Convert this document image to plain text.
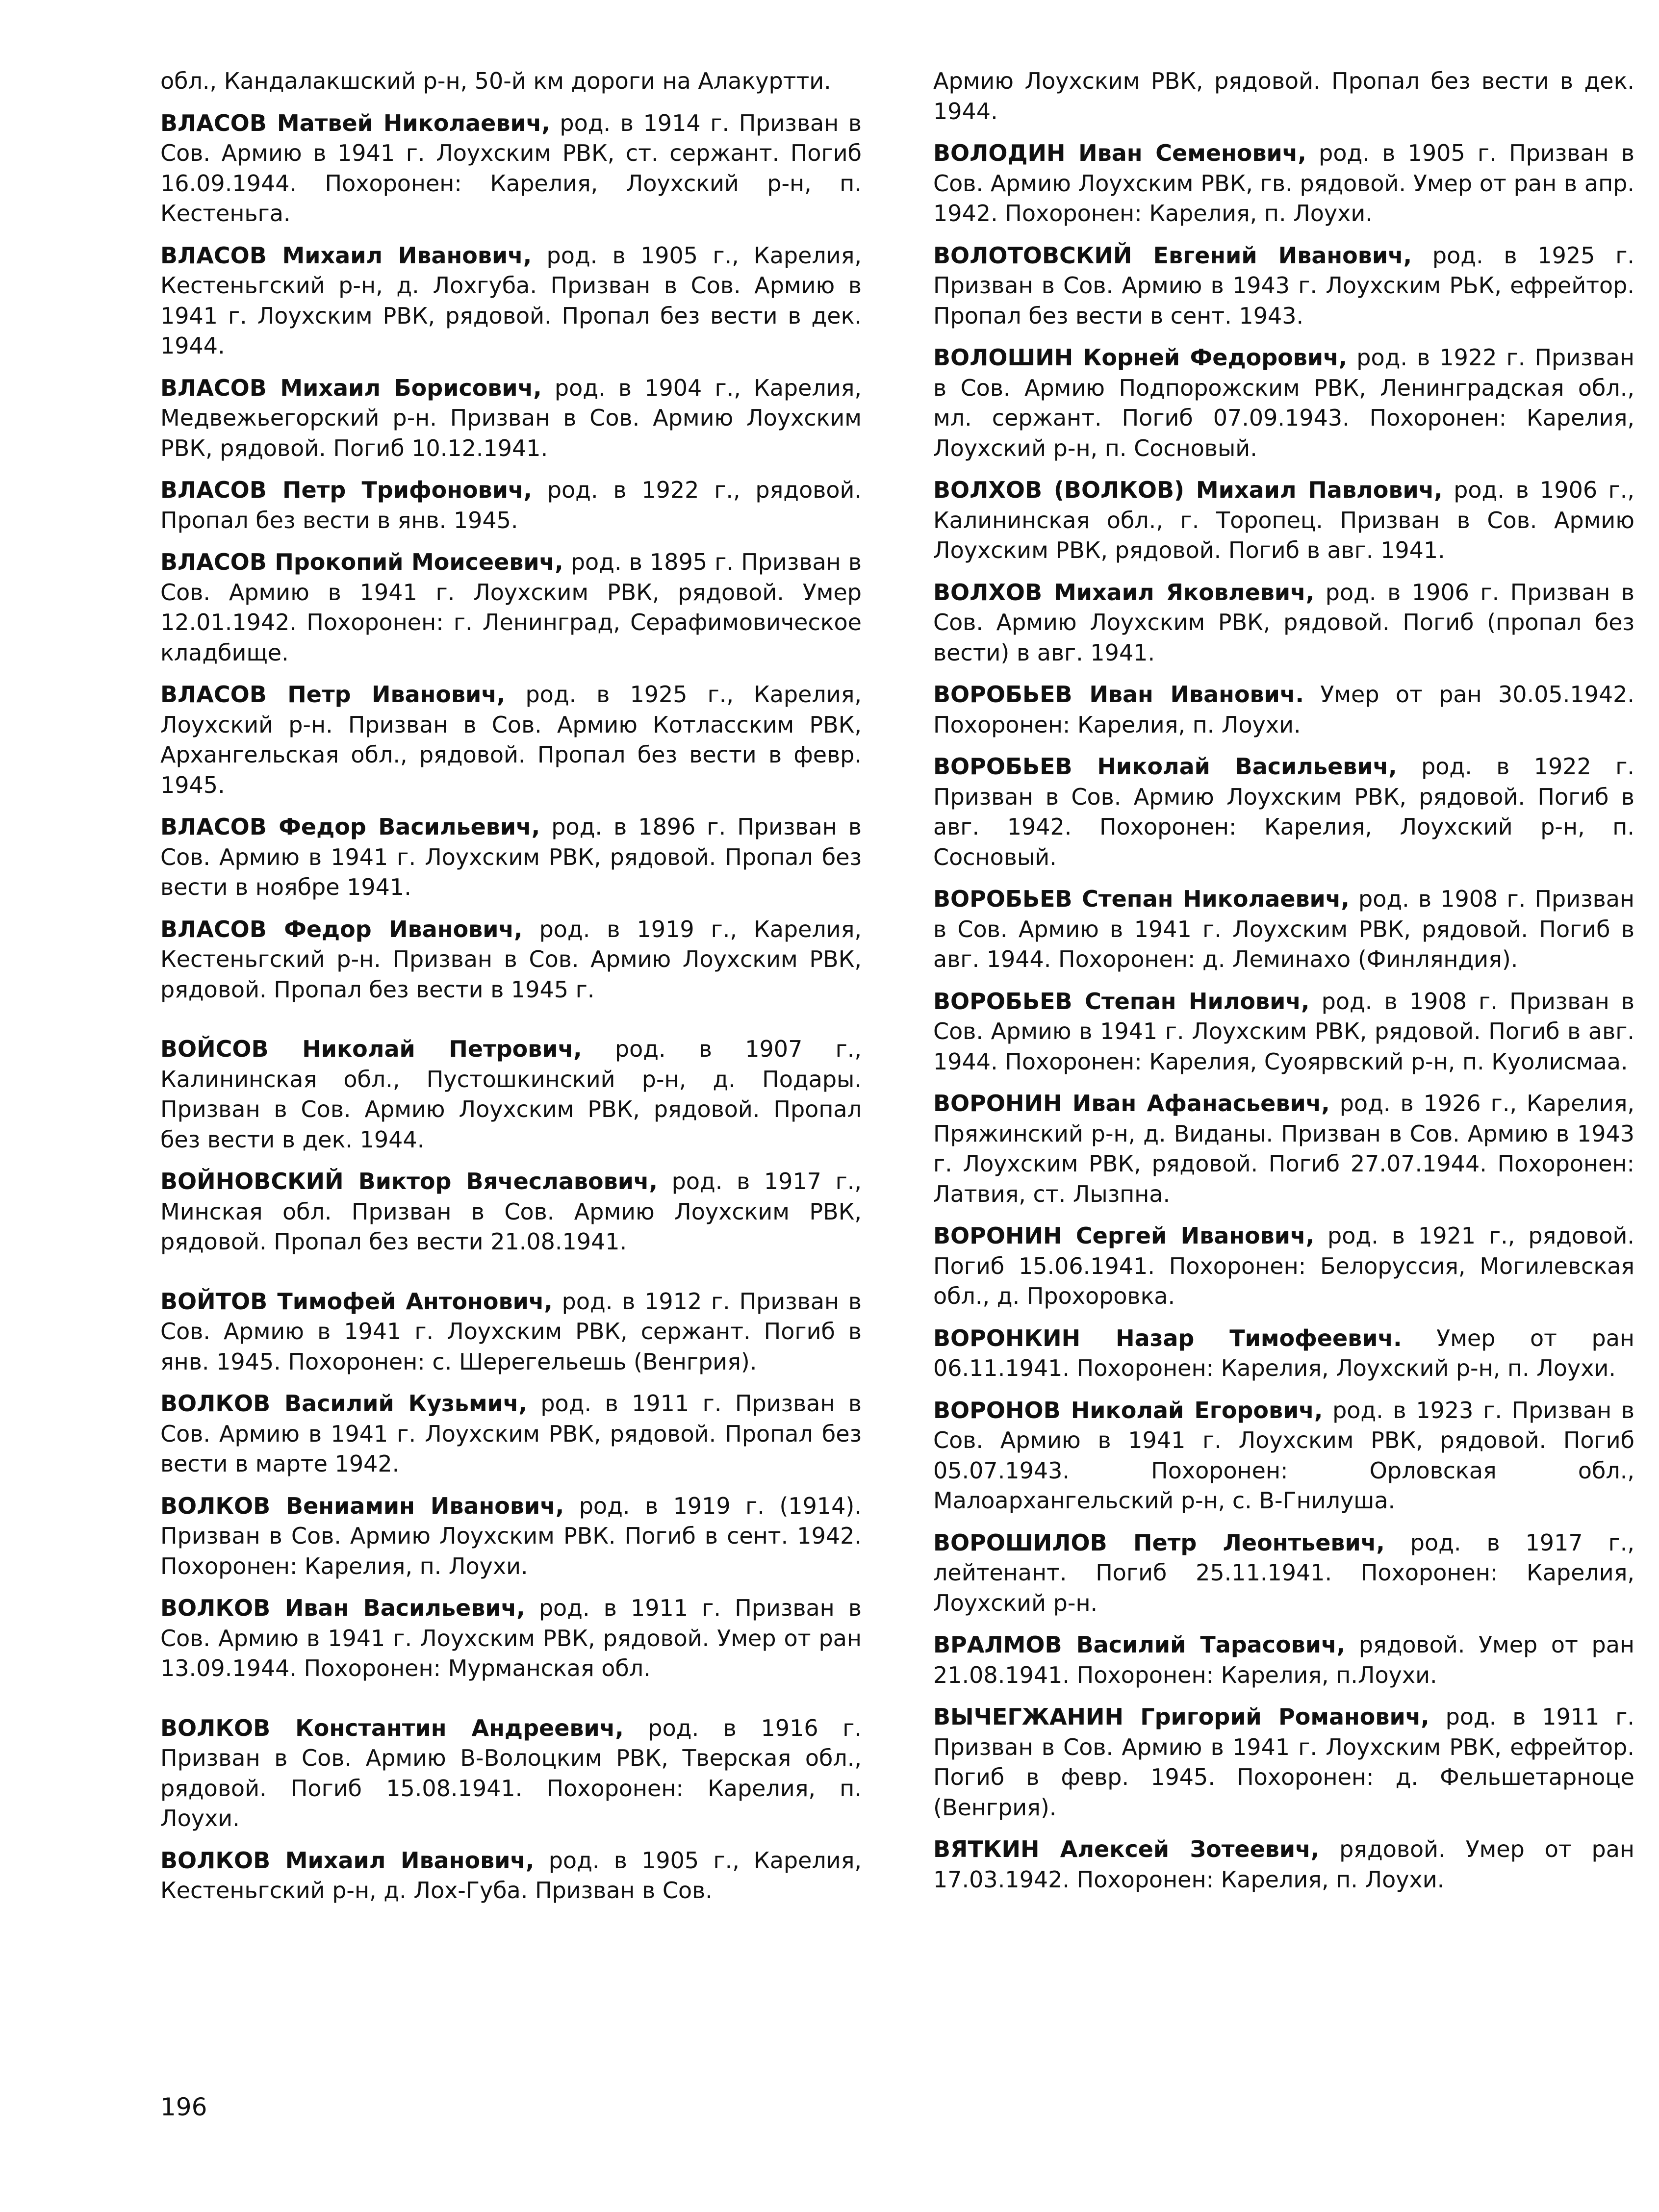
обл., Кандалакшский р-н, 50-й км дороги на Алакуртти.

ВЛАСОВ Матвей Николаевич, род. в 1914 г. Призван в Сов. Армию в 1941 г. Лоухским РВК, ст. сержант. Погиб 16.09.1944. Похоронен: Карелия, Лоухский р-н, п. Кестеньга.

ВЛАСОВ Михаил Иванович, род. в 1905 г., Карелия, Кестеньгский р-н, д. Лохгуба. Призван в Сов. Армию в 1941 г. Лоухским РВК, рядовой. Пропал без вести в дек. 1944.

ВЛАСОВ Михаил Борисович, род. в 1904 г., Карелия, Медвежьегорский р-н. Призван в Сов. Армию Лоухским РВК, рядовой. Погиб 10.12.1941.

ВЛАСОВ Петр Трифонович, род. в 1922 г., рядовой. Пропал без вести в янв. 1945.

ВЛАСОВ Прокопий Моисеевич, род. в 1895 г. Призван в Сов. Армию в 1941 г. Лоухским РВК, рядовой. Умер 12.01.1942. Похоронен: г. Ленинград, Серафимовическое кладбище.

ВЛАСОВ Петр Иванович, род. в 1925 г., Карелия, Лоухский р-н. Призван в Сов. Армию Котласским РВК, Архангельская обл., рядовой. Пропал без вести в февр. 1945.

ВЛАСОВ Федор Васильевич, род. в 1896 г. Призван в Сов. Армию в 1941 г. Лоухским РВК, рядовой. Пропал без вести в ноябре 1941.

ВЛАСОВ Федор Иванович, род. в 1919 г., Карелия, Кестеньгский р-н. Призван в Сов. Армию Лоухским РВК, рядовой. Пропал без вести в 1945 г.

ВОЙСОВ Николай Петрович, род. в 1907 г., Калининская обл., Пустошкинский р-н, д. Подары. Призван в Сов. Армию Лоухским РВК, рядовой. Пропал без вести в дек. 1944.

ВОЙНОВСКИЙ Виктор Вячеславович, род. в 1917 г., Минская обл. Призван в Сов. Армию Лоухским РВК, рядовой. Пропал без вести 21.08.1941.

ВОЙТОВ Тимофей Антонович, род. в 1912 г. Призван в Сов. Армию в 1941 г. Лоухским РВК, сержант. Погиб в янв. 1945. Похоронен: с. Шерегельешь (Венгрия).

ВОЛКОВ Василий Кузьмич, род. в 1911 г. Призван в Сов. Армию в 1941 г. Лоухским РВК, рядовой. Пропал без вести в марте 1942.

ВОЛКОВ Вениамин Иванович, род. в 1919 г. (1914). Призван в Сов. Армию Лоухским РВК. Погиб в сент. 1942. Похоронен: Карелия, п. Лоухи.

ВОЛКОВ Иван Васильевич, род. в 1911 г. Призван в Сов. Армию в 1941 г. Лоухским РВК, рядовой. Умер от ран 13.09.1944. Похоронен: Мурманская обл.

ВОЛКОВ Константин Андреевич, род. в 1916 г. Призван в Сов. Армию В-Волоцким РВК, Тверская обл., рядовой. Погиб 15.08.1941. Похоронен: Карелия, п. Лоухи.

ВОЛКОВ Михаил Иванович, род. в 1905 г., Карелия, Кестеньгский р-н, д. Лох-Губа. Призван в Сов.

Армию Лоухским РВК, рядовой. Пропал без вести в дек. 1944.

ВОЛОДИН Иван Семенович, род. в 1905 г. Призван в Сов. Армию Лоухским РВК, гв. рядовой. Умер от ран в апр. 1942. Похоронен: Карелия, п. Лоухи.

ВОЛОТОВСКИЙ Евгений Иванович, род. в 1925 г. Призван в Сов. Армию в 1943 г. Лоухским РЬК, ефрейтор. Пропал без вести в сент. 1943.

ВОЛОШИН Корней Федорович, род. в 1922 г. Призван в Сов. Армию Подпорожским РВК, Ленинградская обл., мл. сержант. Погиб 07.09.1943. Похоронен: Карелия, Лоухский р-н, п. Сосновый.

ВОЛХОВ (ВОЛКОВ) Михаил Павлович, род. в 1906 г., Калининская обл., г. Торопец. Призван в Сов. Армию Лоухским РВК, рядовой. Погиб в авг. 1941.

ВОЛХОВ Михаил Яковлевич, род. в 1906 г. Призван в Сов. Армию Лоухским РВК, рядовой. Погиб (пропал без вести) в авг. 1941.

ВОРОБЬЕВ Иван Иванович. Умер от ран 30.05.1942. Похоронен: Карелия, п. Лоухи.

ВОРОБЬЕВ Николай Васильевич, род. в 1922 г. Призван в Сов. Армию Лоухским РВК, рядовой. Погиб в авг. 1942. Похоронен: Карелия, Лоухский р-н, п. Сосновый.

ВОРОБЬЕВ Степан Николаевич, род. в 1908 г. Призван в Сов. Армию в 1941 г. Лоухским РВК, рядовой. Погиб в авг. 1944. Похоронен: д. Леминахо (Финляндия).

ВОРОБЬЕВ Степан Нилович, род. в 1908 г. Призван в Сов. Армию в 1941 г. Лоухским РВК, рядовой. Погиб в авг. 1944. Похоронен: Карелия, Суоярвский р-н, п. Куолисмаа.

ВОРОНИН Иван Афанасьевич, род. в 1926 г., Карелия, Пряжинский р-н, д. Виданы. Призван в Сов. Армию в 1943 г. Лоухским РВК, рядовой. Погиб 27.07.1944. Похоронен: Латвия, ст. Лызпна.

ВОРОНИН Сергей Иванович, род. в 1921 г., рядовой. Погиб 15.06.1941. Похоронен: Белоруссия, Могилевская обл., д. Прохоровка.

ВОРОНКИН Назар Тимофеевич. Умер от ран 06.11.1941. Похоронен: Карелия, Лоухский р-н, п. Лоухи.

ВОРОНОВ Николай Егорович, род. в 1923 г. Призван в Сов. Армию в 1941 г. Лоухским РВК, рядовой. Погиб 05.07.1943. Похоронен: Орловская обл., Малоархангельский р-н, с. В-Гнилуша.

ВОРОШИЛОВ Петр Леонтьевич, род. в 1917 г., лейтенант. Погиб 25.11.1941. Похоронен: Карелия, Лоухский р-н.

ВРАЛМОВ Василий Тарасович, рядовой. Умер от ран 21.08.1941. Похоронен: Карелия, п.Лоухи.

ВЫЧЕГЖАНИН Григорий Романович, род. в 1911 г. Призван в Сов. Армию в 1941 г. Лоухским РВК, ефрейтор. Погиб в февр. 1945. Похоронен: д. Фельшетарноце (Венгрия).

ВЯТКИН Алексей Зотеевич, рядовой. Умер от ран 17.03.1942. Похоронен: Карелия, п. Лоухи.

196
